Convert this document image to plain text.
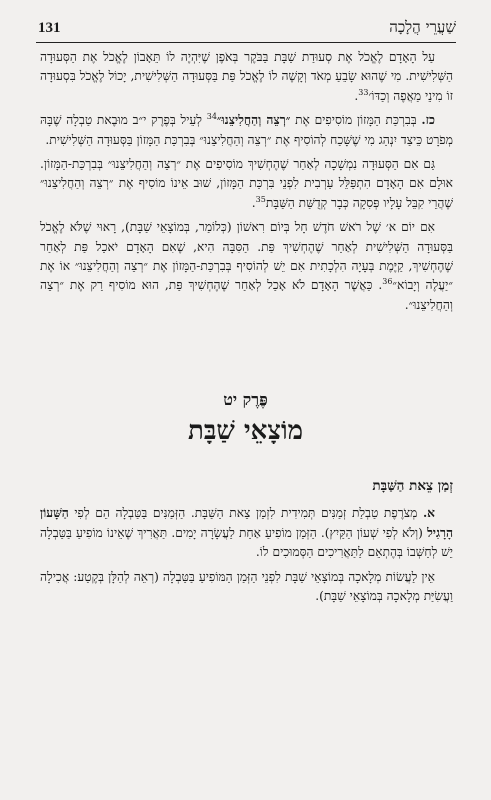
131	שַׁעֲרֵי הֲלָכָה

עַל הָאָדָם לֶאֱכֹל אֶת סְעוּדַת שַׁבָּת בַּבֹּקֶר בְּאֹפֶן שֶׁיִּהְיֶה לוֹ תֵּאָבוֹן לֶאֱכֹל אֶת הַסְּעוּדָה הַשְּׁלִישִׁית. מִי שֶׁהוּא שָׂבֵעַ מְאֹד וְקָשֶׁה לוֹ לֶאֱכֹל פַּת בַּסְּעוּדָה הַשְּׁלִישִׁית, יָכוֹל לֶאֱכֹל בִּסְעוּדָה זוֹ מִינֵי מַאֲפֶה וְכַדּוֹ׳$^{33}$.

כז. בְּבִרְכַּת הַמָּזוֹן מוֹסִיפִים אֶת ״רְצֵה וְהַחֲלִיצֵנוּ״$^{34}$ לְעֵיל בְּפֶרֶק י״ב מוּבֶאת טַבְלָה שֶׁבָּהּ מְפֹרָט כֵּיצַד יִנְהַג מִי שֶׁשָּׁכַח לְהוֹסִיף אֶת ״רְצֵה וְהַחֲלִיצֵנוּ״ בְּבִרְכַּת הַמָּזוֹן בַּסְּעוּדָה הַשְּׁלִישִׁית.

גַּם אִם הַסְּעוּדָה נִמְשָׁכָה לְאַחַר שֶׁהֶחְשִׁיךְ מוֹסִיפִים אֶת ״רְצֵה וְהַחֲלִיצֵנוּ״ בְּבִרְכַּת-הַמָּזוֹן. אוּלָם אִם הָאָדָם הִתְפַּלֵּל עַרְבִית לִפְנֵי בִּרְכַּת הַמָּזוֹן, שׁוּב אֵינוֹ מוֹסִיף אֶת ״רְצֵה וְהַחֲלִיצֵנוּ״ שֶׁהֲרֵי קִבֵּל עָלָיו פְּסִקָה כְּבָר קְדֻשַּׁת הַשַּׁבָּת$^{35}$.

אִם יוֹם א׳ שֶׁל רֹאשׁ חֹדֶשׁ חָל בְּיוֹם רִאשׁוֹן (כְּלוֹמַר, בְּמוֹצָאֵי שַׁבָּת), רָאוּי שֶׁלֹּא לֶאֱכֹל בַּסְּעוּדָה הַשְּׁלִישִׁית לְאַחַר שֶׁהֶחְשִׁיךְ פַּת. הַסִּבָּה הִיא, שֶׁאִם הָאָדָם יֹאכַל פַּת לְאַחַר שֶׁהֶחְשִׁיךְ, קַיֶּמֶת בְּעָיָה הִלְכָתִית אִם יֵשׁ לְהוֹסִיף בְּבִרְכַּת-הַמָּזוֹן אֶת ״רְצֵה וְהַחֲלִיצֵנוּ״ אוֹ אֶת ״יַעֲלֶה וְיָבוֹא״$^{36}$. כַּאֲשֶׁר הָאָדָם לֹא אָכַל לְאַחַר שֶׁהֶחְשִׁיךְ פַּת, הוּא מוֹסִיף רַק אֶת ״רְצֵה וְהַחֲלִיצֵנוּ״.

פֶּרֶק יט
מוֹצָאֵי שַׁבָּת
זְמַן צֵאת הַשַּׁבָּת

א. מְצֹרֶפֶת טַבְלַת זְמַנִּים תְּמִידִית לִזְמַן צֵאת הַשַּׁבָּת. הַזְּמַנִּים בַּטַּבְלָה הֵם לְפִי הַשָּׁעוֹן הָרָגִיל (וְלֹא לְפִי שְׁעוֹן הַקַּיִץ). הַזְּמַן מוֹפִיעַ אַחַת לַעֲשָׂרָה יָמִים. תַּאֲרִיךְ שֶׁאֵינוֹ מוֹפִיעַ בַּטַּבְלָה יֵשׁ לְחַשְּׁבוֹ בְּהֶתְאֵם לַתַּאֲרִיכִים הַסְּמוּכִים לוֹ.

אֵין לַעֲשׂוֹת מְלָאכָה בְּמוֹצָאֵי שַׁבָּת לִפְנֵי הַזְּמַן הַמּוֹפִיעַ בַּטַּבְלָה (רְאֵה לְהַלָּן בְּקֶטַע: אֲכִילָה וַעֲשִׂיַּת מְלָאכָה בְּמוֹצָאֵי שַׁבָּת).
